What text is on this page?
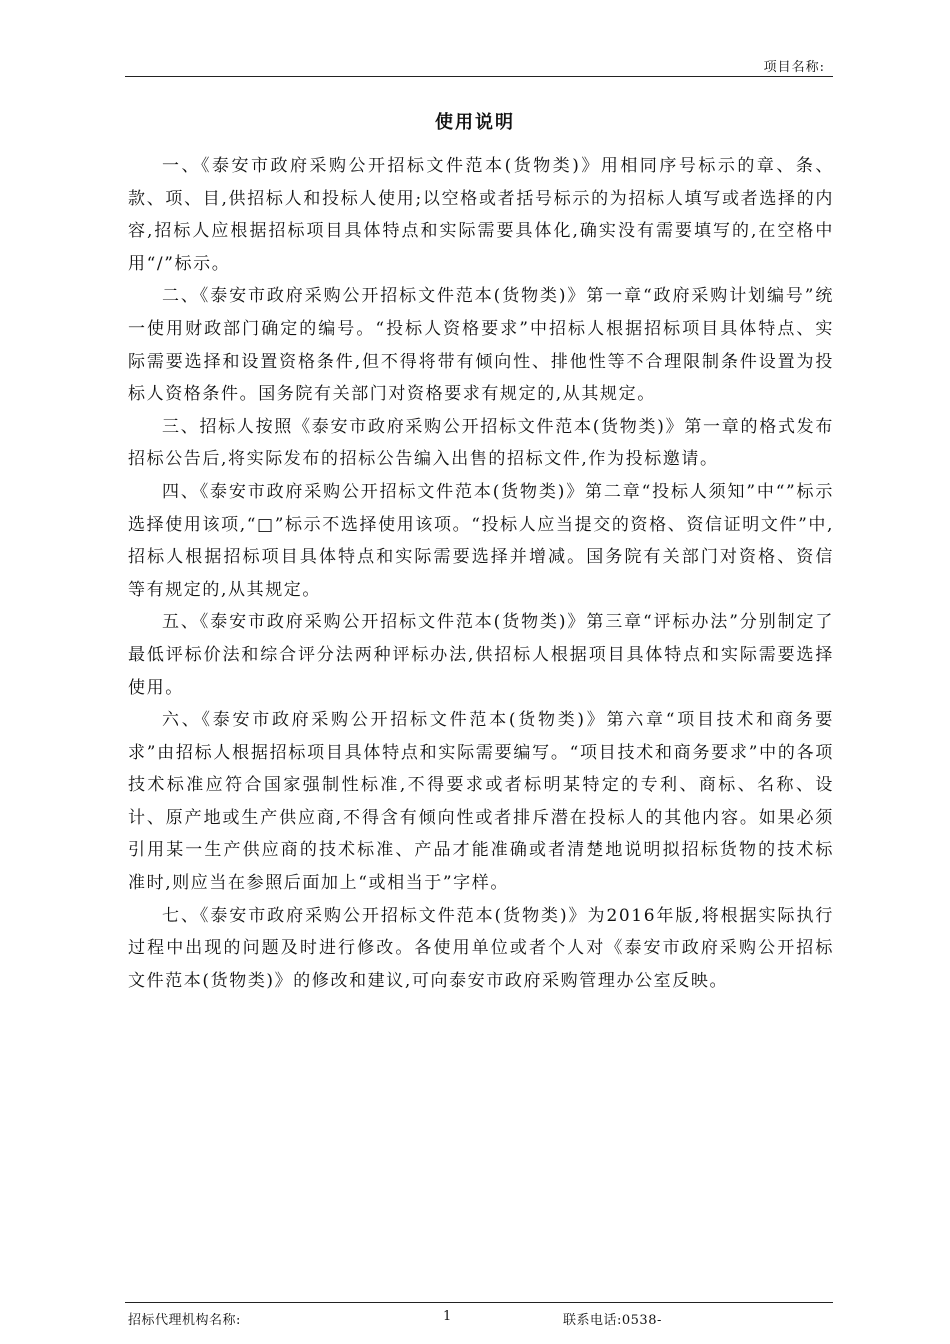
项目名称:
使用说明

一、《泰安市政府采购公开招标文件范本(货物类)》用相同序号标示的章、条、款、项、目,供招标人和投标人使用;以空格或者括号标示的为招标人填写或者选择的内容,招标人应根据招标项目具体特点和实际需要具体化,确实没有需要填写的,在空格中用“/”标示。

二、《泰安市政府采购公开招标文件范本(货物类)》第一章“政府采购计划编号”统一使用财政部门确定的编号。“投标人资格要求”中招标人根据招标项目具体特点、实际需要选择和设置资格条件,但不得将带有倾向性、排他性等不合理限制条件设置为投标人资格条件。国务院有关部门对资格要求有规定的,从其规定。

三、招标人按照《泰安市政府采购公开招标文件范本(货物类)》第一章的格式发布招标公告后,将实际发布的招标公告编入出售的招标文件,作为投标邀请。

四、《泰安市政府采购公开招标文件范本(货物类)》第二章“投标人须知”中“”标示选择使用该项,“□”标示不选择使用该项。“投标人应当提交的资格、资信证明文件”中,招标人根据招标项目具体特点和实际需要选择并增减。国务院有关部门对资格、资信等有规定的,从其规定。

五、《泰安市政府采购公开招标文件范本(货物类)》第三章“评标办法”分别制定了最低评标价法和综合评分法两种评标办法,供招标人根据项目具体特点和实际需要选择使用。

六、《泰安市政府采购公开招标文件范本(货物类)》第六章“项目技术和商务要求”由招标人根据招标项目具体特点和实际需要编写。“项目技术和商务要求”中的各项技术标准应符合国家强制性标准,不得要求或者标明某特定的专利、商标、名称、设计、原产地或生产供应商,不得含有倾向性或者排斥潜在投标人的其他内容。如果必须引用某一生产供应商的技术标准、产品才能准确或者清楚地说明拟招标货物的技术标准时,则应当在参照后面加上“或相当于”字样。

七、《泰安市政府采购公开招标文件范本(货物类)》为2016年版,将根据实际执行过程中出现的问题及时进行修改。各使用单位或者个人对《泰安市政府采购公开招标文件范本(货物类)》的修改和建议,可向泰安市政府采购管理办公室反映。

招标代理机构名称:	1	联系电话:0538-
